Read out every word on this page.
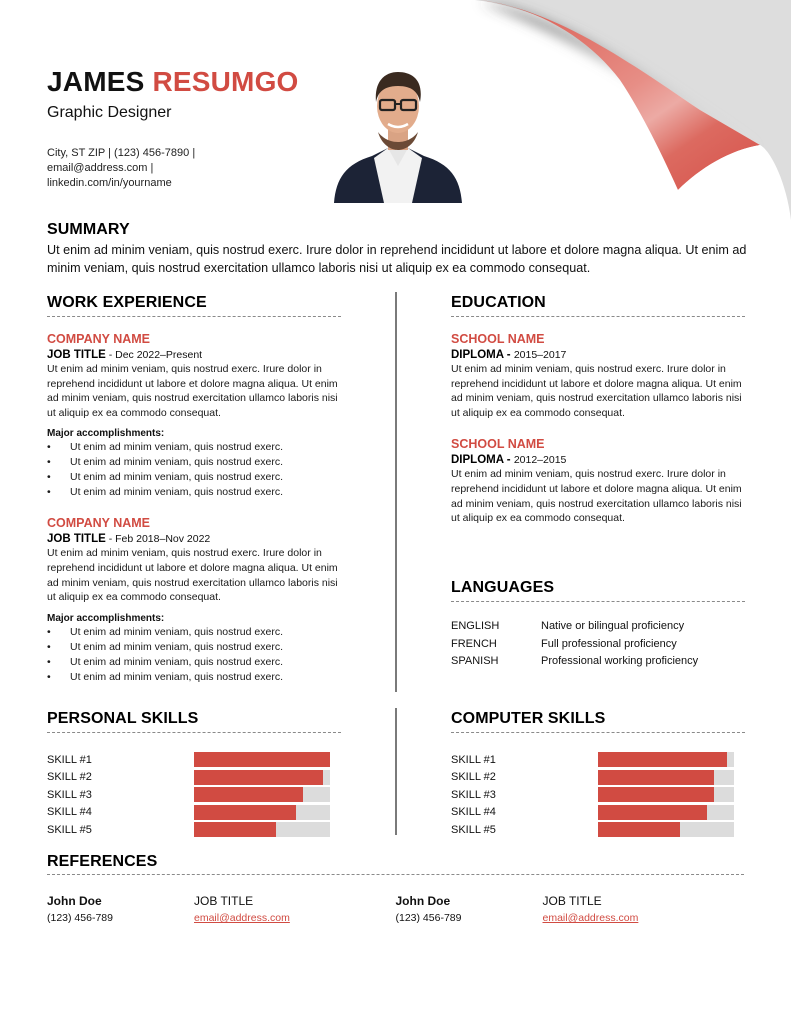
JAMES RESUMGO
Graphic Designer
City, ST ZIP | (123) 456-7890 |
email@address.com |
linkedin.com/in/yourname
SUMMARY

Ut enim ad minim veniam, quis nostrud exerc. Irure dolor in reprehend incididunt ut labore et dolore magna aliqua. Ut enim ad minim veniam, quis nostrud exercitation ullamco laboris nisi ut aliquip ex ea commodo consequat.

WORK EXPERIENCE
COMPANY NAME
JOB TITLE - Dec 2022–Present
Ut enim ad minim veniam, quis nostrud exerc. Irure dolor in reprehend incididunt ut labore et dolore magna aliqua. Ut enim ad minim veniam, quis nostrud exercitation ullamco laboris nisi ut aliquip ex ea commodo consequat.
Major accomplishments:
• Ut enim ad minim veniam, quis nostrud exerc.
• Ut enim ad minim veniam, quis nostrud exerc.
• Ut enim ad minim veniam, quis nostrud exerc.
• Ut enim ad minim veniam, quis nostrud exerc.
COMPANY NAME
JOB TITLE - Feb 2018–Nov 2022
Ut enim ad minim veniam, quis nostrud exerc. Irure dolor in reprehend incididunt ut labore et dolore magna aliqua. Ut enim ad minim veniam, quis nostrud exercitation ullamco laboris nisi ut aliquip ex ea commodo consequat.
Major accomplishments:
• Ut enim ad minim veniam, quis nostrud exerc.
• Ut enim ad minim veniam, quis nostrud exerc.
• Ut enim ad minim veniam, quis nostrud exerc.
• Ut enim ad minim veniam, quis nostrud exerc.
EDUCATION
SCHOOL NAME
DIPLOMA - 2015–2017
Ut enim ad minim veniam, quis nostrud exerc. Irure dolor in reprehend incididunt ut labore et dolore magna aliqua. Ut enim ad minim veniam, quis nostrud exercitation ullamco laboris nisi ut aliquip ex ea commodo consequat.
SCHOOL NAME
DIPLOMA - 2012–2015
Ut enim ad minim veniam, quis nostrud exerc. Irure dolor in reprehend incididunt ut labore et dolore magna aliqua. Ut enim ad minim veniam, quis nostrud exercitation ullamco laboris nisi ut aliquip ex ea commodo consequat.
LANGUAGES
ENGLISH	Native or bilingual proficiency
FRENCH	Full professional proficiency
SPANISH	Professional working proficiency
PERSONAL SKILLS
SKILL #1
SKILL #2
SKILL #3
SKILL #4
SKILL #5
COMPUTER SKILLS
SKILL #1
SKILL #2
SKILL #3
SKILL #4
SKILL #5
REFERENCES
John Doe
(123) 456-789
JOB TITLE
email@address.com
John Doe
(123) 456-789
JOB TITLE
email@address.com
